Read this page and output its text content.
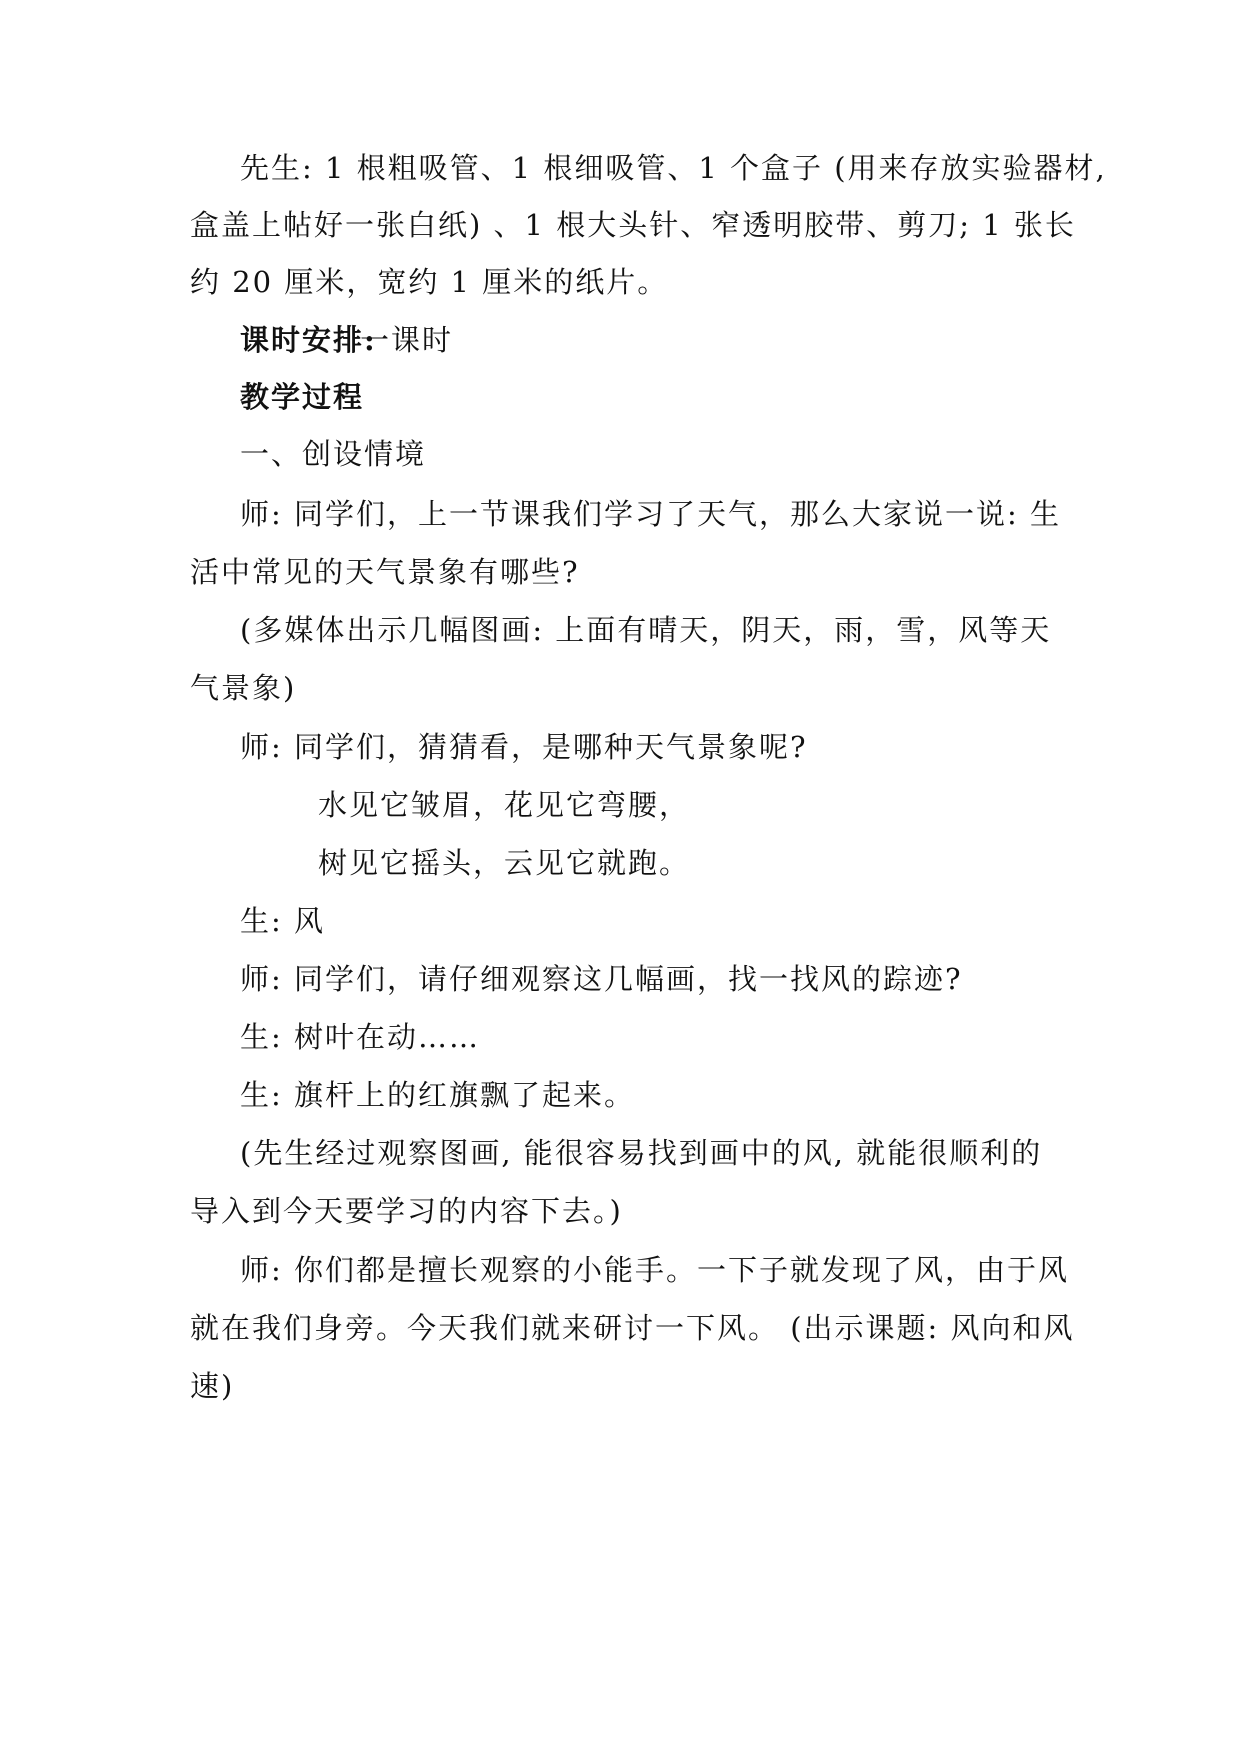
先生: 1 根粗吸管、1 根细吸管、1 个盒子 (用来存放实验器材,

盒盖上帖好一张白纸) 、1 根大头针、窄透明胶带、剪刀; 1 张长

约 20 厘米，宽约 1 厘米的纸片。

课时安排:

一课时

教学过程

一、创设情境

师: 同学们，上一节课我们学习了天气，那么大家说一说: 生

活中常见的天气景象有哪些?

(多媒体出示几幅图画: 上面有晴天，阴天，雨，雪，风等天

气景象)

师: 同学们，猜猜看，是哪种天气景象呢?

水见它皱眉，花见它弯腰，

树见它摇头，云见它就跑。

生: 风

师: 同学们，请仔细观察这几幅画，找一找风的踪迹?

生: 树叶在动……

生: 旗杆上的红旗飘了起来。

(先生经过观察图画, 能很容易找到画中的风, 就能很顺利的

导入到今天要学习的内容下去。)

师: 你们都是擅长观察的小能手。一下子就发现了风，由于风

就在我们身旁。今天我们就来研讨一下风。 (出示课题: 风向和风

速)
